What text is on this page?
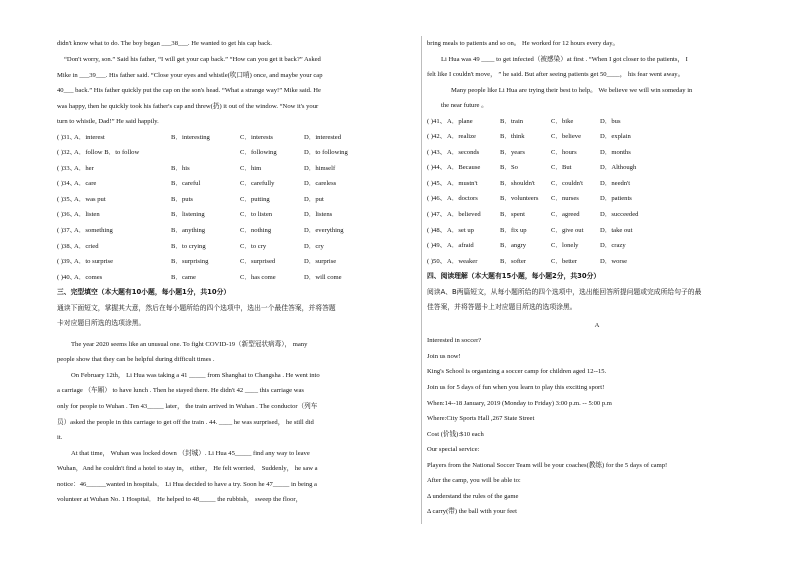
didn't know what to do. The boy began ___38___. He wanted to get his cap back.

“Don't worry, son.” Said his father, “I will get your cap back.” “How can you get it back?” Asked

Mike in ___39___. His father said. “Close your eyes and whistle(吹口哨) once, and maybe your cap

40___ back.” His father quickly put the cap on the son's head. “What a strange way!” Mike said. He

was happy, then he quickly took his father's cap and threw(扔) it out of the window. “Now it's your

turn to whistle, Dad!” He said happily.

( )31、
A．interest	B．interesting	C．interests	D．interested
( )32、
A．follow B．to follow	C．following	D．to following
( )33、
A．her	B．his	C．him	D．himself
( )34、
A．care	B．careful	C．carefully	D．careless
( )35、
A．was put	B．puts	C．putting	D．put
( )36、
A．listen	B．listening	C．to listen	D．listens
( )37、
A．something	B．anything	C．nothing	D．everything
( )38、
A．cried	B．to crying	C．to cry	D．cry
( )39、
A．to surprise	B．surprising	C．surprised	D．surprise
( )40、
A．comes	B．came	C．has come	D．will come

三、完型填空（本大题有10小题，每小题1分，共10分）

通读下面短文，掌握其大意，然后在每小题所给的四个选项中，选出一个最佳答案，并将答题

卡对应题目所选的选项涂黑。

The year 2020 seems like an unusual one. To fight COVID-19（新型冠状病毒）， many

people show that they can be helpful during difficult times .

On February 12th， Li Hua was taking a 41 _____ from Shanghai to Changsha . He went into

a carriage （车厢） to have lunch . Then he stayed there. He didn't 42 ____ this carriage was

only for people to Wuhan . Ten 43_____ later， the train arrived in Wuhan . The conductor（列车

员）asked the people in this carriage to get off the train . 44. ____ he was surprised， he still did

it.

At that time， Wuhan was locked down （封城）. Li Hua 45_____ find any way to leave

Wuhan，And he couldn't find a hotel to stay in， either， He felt worried． Suddenly， he saw a

notice：46______wanted in hospitals． Li Hua decided to have a try. Soon he 47_____ in being a

volunteer at Wuhan No. 1 Hospital． He helped to 48_____ the rubbish， sweep the floor，

bring meals to patients and so on。 He worked for 12 hours every day。

Li Hua was 49 ____ to get infected（被感染）at first . “When I got closer to the patients， I

felt like I couldn't move， ” he said. But after seeing patients get 50____， his fear went away。

Many people like Li Hua are trying their best to help。 We believe we will win someday in

the near future 。

( )41、 A．plane	B．train	C．bike	D．bus
( )42、 A．realize	B．think	C．believe	D．explain
( )43、 A．seconds	B．years	C．hours	D．months
( )44、 A．Because	B．So	C．But	D．Although
( )45、 A．mustn't	B．shouldn't C．couldn't	D．needn't
( )46、 A．doctors	B．volunteers C．nurses	D．patients
( )47、 A．believed	B．spent	C．agreed	D．succeeded
( )48、 A．set up	B．fix up	C．give out	D．take out
( )49、 A．afraid	B．angry	C．lonely	D．crazy
( )50、 A．weaker	B．softer	C．better	D．worse

四、阅读理解（本大题有15小题，每小题2分，共30分）

阅读A、B两篇短文，从每小题所给的四个选项中，选出能回答所提问题或完成所给句子的最

佳答案，并将答题卡上对应题目所选的选项涂黑。

A

Interested in soccer?

Join us now!

King's School is organizing a soccer camp for children aged 12--15.

Join us for 5 days of fun when you learn to play this exciting sport!

When:14--18 January, 2019 (Monday to Friday) 3:00 p.m. -- 5:00 p.m

Where:City Sports Hall ,267 State Street

Cost (价钱):$10 each

Our special service:

Players from the National Soccer Team will be your coaches(教练) for the 5 days of camp!

After the camp, you will be able to:

Δ understand the rules of the game

Δ carry(带) the ball with your feet
